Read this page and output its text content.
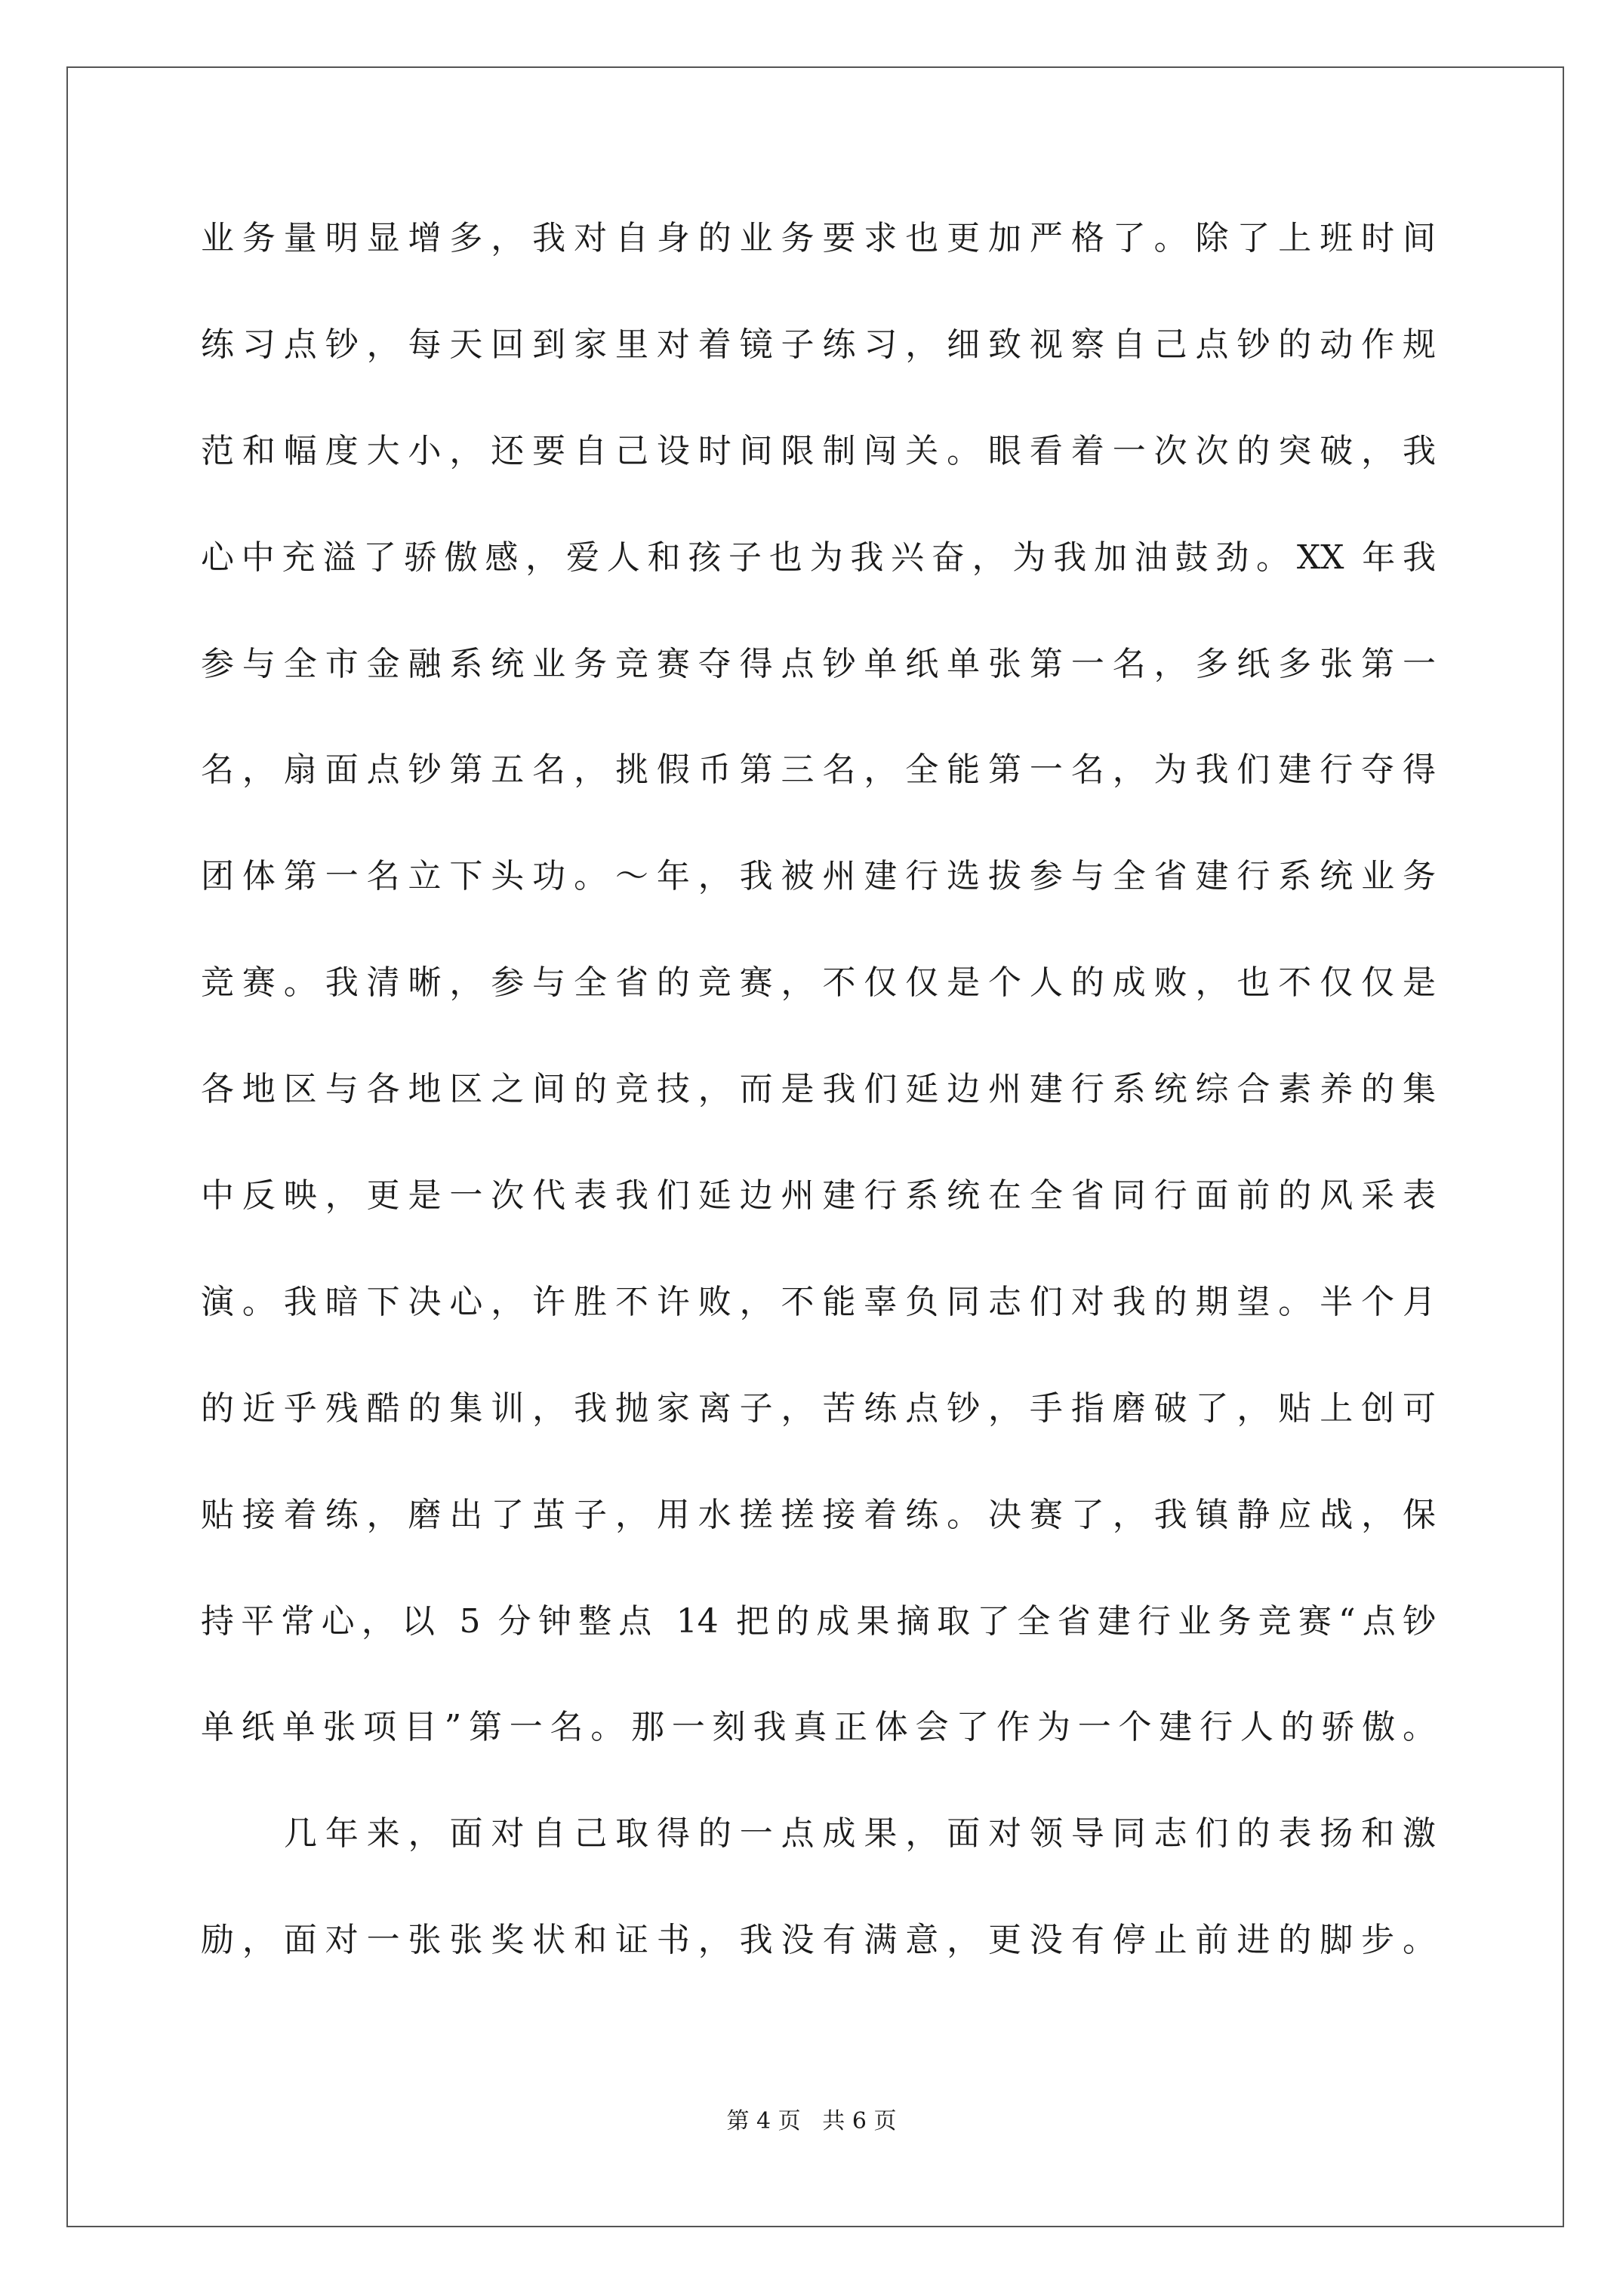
业务量明显增多，我对自身的业务要求也更加严格了。除了上班时间
练习点钞，每天回到家里对着镜子练习，细致视察自己点钞的动作规
范和幅度大小，还要自己设时间限制闯关。眼看着一次次的突破，我
心中充溢了骄傲感，爱人和孩子也为我兴奋，为我加油鼓劲。XX 年我
参与全市金融系统业务竞赛夺得点钞单纸单张第一名，多纸多张第一
名，扇面点钞第五名，挑假币第三名，全能第一名，为我们建行夺得
团体第一名立下头功。～年，我被州建行选拔参与全省建行系统业务
竞赛。我清晰，参与全省的竞赛，不仅仅是个人的成败，也不仅仅是
各地区与各地区之间的竞技，而是我们延边州建行系统综合素养的集
中反映，更是一次代表我们延边州建行系统在全省同行面前的风采表
演。我暗下决心，许胜不许败，不能辜负同志们对我的期望。半个月
的近乎残酷的集训，我抛家离子，苦练点钞，手指磨破了，贴上创可
贴接着练，磨出了茧子，用水搓搓接着练。决赛了，我镇静应战，保
持平常心，以 5 分钟整点 14 把的成果摘取了全省建行业务竞赛“点钞
单纸单张项目”第一名。那一刻我真正体会了作为一个建行人的骄傲。
几年来，面对自己取得的一点成果，面对领导同志们的表扬和激
励，面对一张张奖状和证书，我没有满意，更没有停止前进的脚步。
第 4 页 共 6 页
